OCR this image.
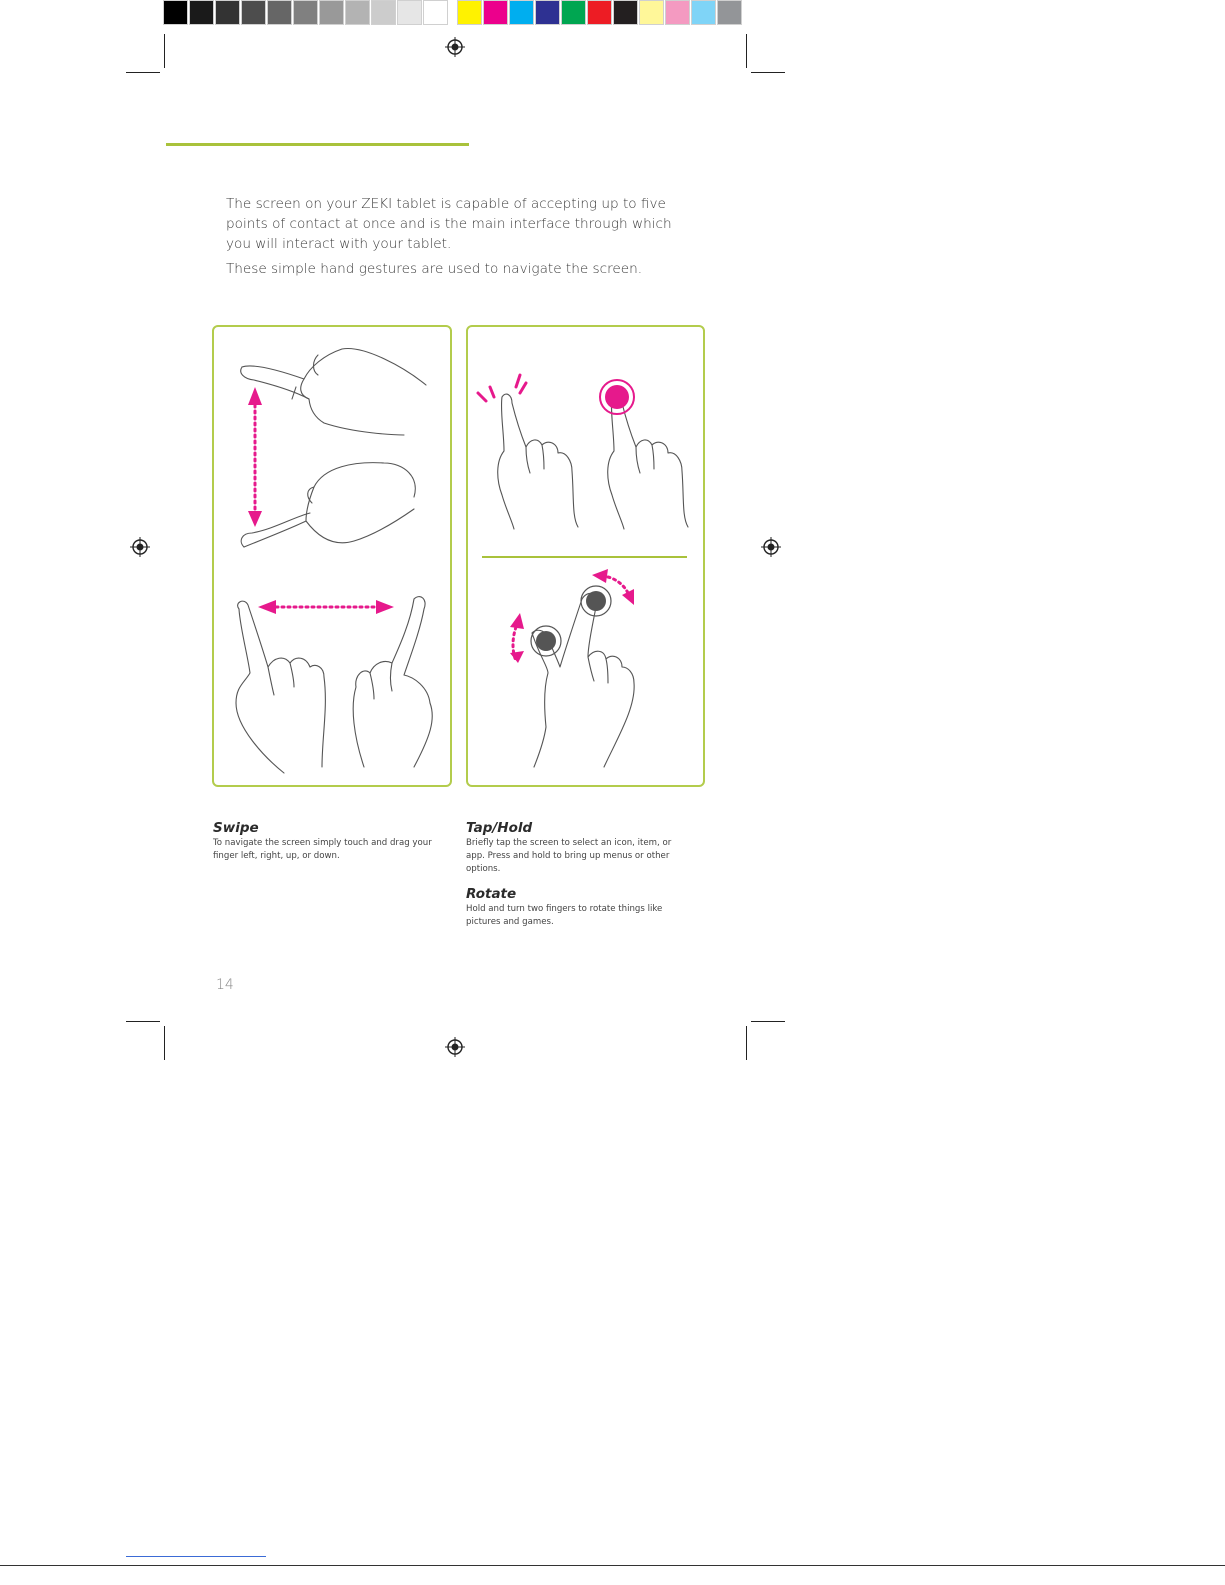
The screen on your ZEKI tablet is capable of accepting up to five points of contact at once and is the main interface through which you will interact with your tablet.

These simple hand gestures are used to navigate the screen.

Swipe

To navigate the screen simply touch and drag your finger left, right, up, or down.

Tap/Hold

Briefly tap the screen to select an icon, item, or app. Press and hold to bring up menus or other options.

Rotate

Hold and turn two fingers to rotate things like pictures and games.

14
